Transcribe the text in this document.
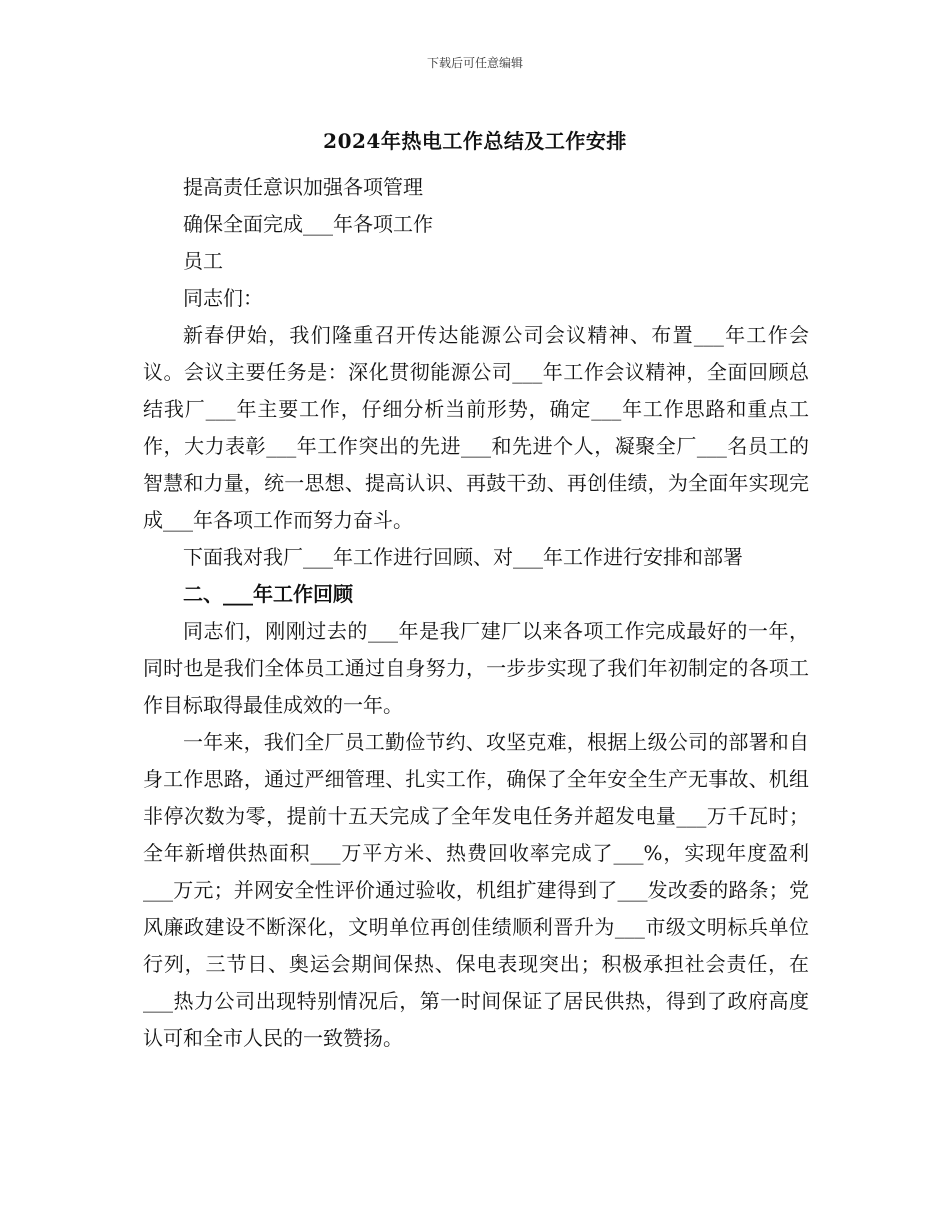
下载后可任意编辑
2024年热电工作总结及工作安排

提高责任意识加强各项管理

确保全面完成___年各项工作

员工

同志们：

新春伊始，我们隆重召开传达能源公司会议精神、布置___年工作会议。会议主要任务是：深化贯彻能源公司___年工作会议精神，全面回顾总结我厂___年主要工作，仔细分析当前形势，确定___年工作思路和重点工作，大力表彰___年工作突出的先进___和先进个人，凝聚全厂___名员工的智慧和力量，统一思想、提高认识、再鼓干劲、再创佳绩，为全面年实现完成___年各项工作而努力奋斗。

下面我对我厂___年工作进行回顾、对___年工作进行安排和部署

二、___年工作回顾

同志们，刚刚过去的___年是我厂建厂以来各项工作完成最好的一年，同时也是我们全体员工通过自身努力，一步步实现了我们年初制定的各项工作目标取得最佳成效的一年。

一年来，我们全厂员工勤俭节约、攻坚克难，根据上级公司的部署和自身工作思路，通过严细管理、扎实工作，确保了全年安全生产无事故、机组非停次数为零，提前十五天完成了全年发电任务并超发电量___万千瓦时；全年新增供热面积___万平方米、热费回收率完成了___%，实现年度盈利___万元；并网安全性评价通过验收，机组扩建得到了___发改委的路条；党风廉政建设不断深化，文明单位再创佳绩顺利晋升为___市级文明标兵单位行列，三节日、奥运会期间保热、保电表现突出；积极承担社会责任，在___热力公司出现特别情况后，第一时间保证了居民供热，得到了政府高度认可和全市人民的一致赞扬。
